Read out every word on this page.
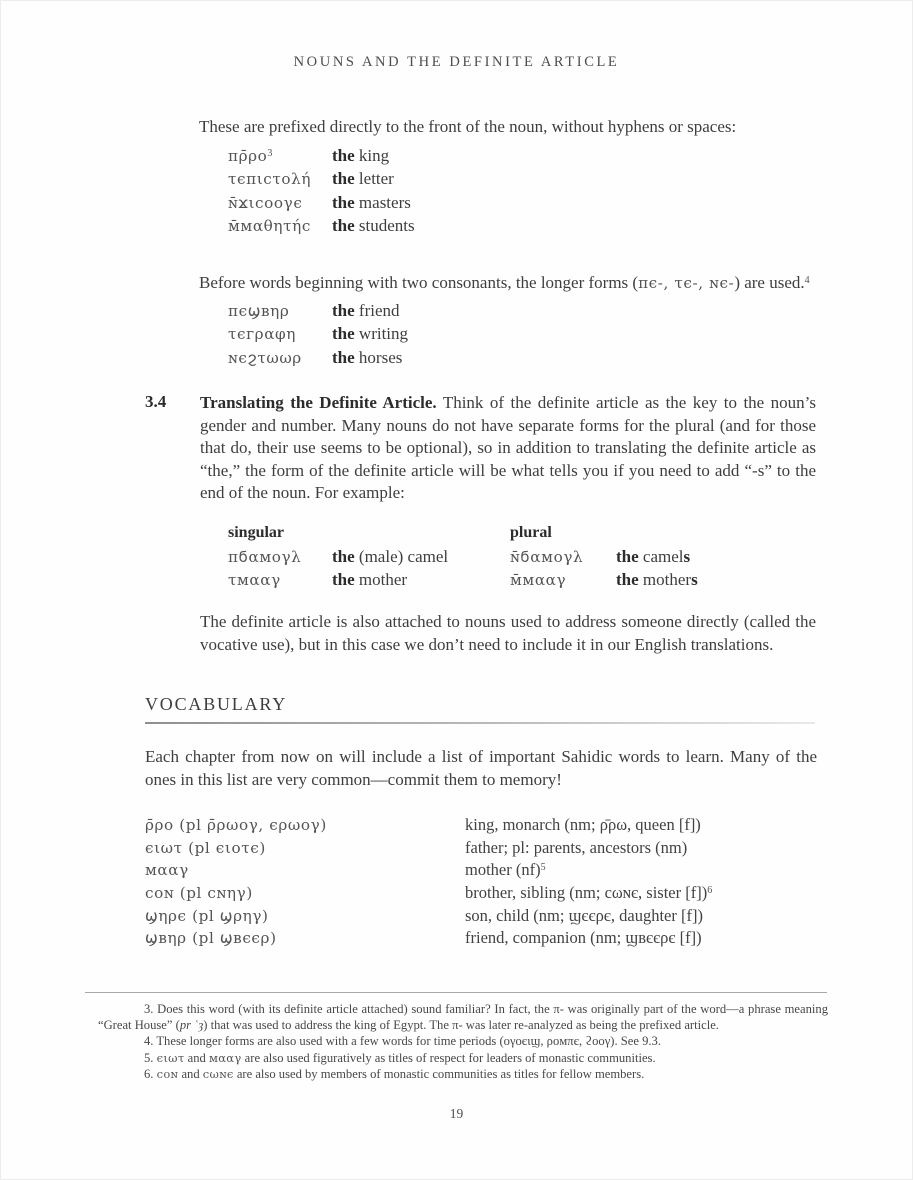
NOUNS AND THE DEFINITE ARTICLE

These are prefixed directly to the front of the noun, without hyphens or spaces:

πρ̄ρο$^3$	the king
τєπιcτολή	the letter
ɴ̄ϫιcοογє	the masters
ᴍ̄ᴍαθητήc	the students

Before words beginning with two consonants, the longer forms (πє-, τє-, ɴє-) are used.$^4$

πєϣʙηρ	the friend
τєгραφη	the writing
ɴєϩτωωρ	the horses
3.4 Translating the Definite Article. Think of the definite article as the key to the noun’s gender and number. Many nouns do not have separate forms for the plural (and for those that do, their use seems to be optional), so in addition to translating the definite article as “the,” the form of the definite article will be what tells you if you need to add “-s” to the end of the noun. For example:

singular	plural
πϭαᴍογλ	the (male) camel	ɴ̄ϭαᴍογλ	the camels
τᴍααγ	the mother	ᴍ̄ᴍααγ	the mothers

The definite article is also attached to nouns used to address someone directly (called the vocative use), but in this case we don’t need to include it in our English translations.

VOCABULARY

Each chapter from now on will include a list of important Sahidic words to learn. Many of the ones in this list are very common—commit them to memory!

ρ̄ρο (pl ρ̄ρωογ, єρωογ)	king, monarch (nm; ρ̄ρω, queen [f])
єιωτ (pl єιοτє)	father; pl: parents, ancestors (nm)
ᴍααγ	mother (nf)$^5$
cοɴ (pl cɴηγ)	brother, sibling (nm; cωɴє, sister [f])$^6$
ϣηρє (pl ϣρηγ)	son, child (nm; ϣєєρє, daughter [f])
ϣʙηρ (pl ϣʙєєρ)	friend, companion (nm; ϣʙєєρє [f])

3. Does this word (with its definite article attached) sound familiar? In fact, the π- was originally part of the word—a phrase meaning “Great House” (pr ʿȝ) that was used to address the king of Egypt. The π- was later re-analyzed as being the prefixed article.

4. These longer forms are also used with a few words for time periods (ογοєιϣ, ροᴍπє, ϩοογ). See 9.3.

5. єιωτ and ᴍααγ are also used figuratively as titles of respect for leaders of monastic communities.

6. cοɴ and cωɴє are also used by members of monastic communities as titles for fellow members.

19
